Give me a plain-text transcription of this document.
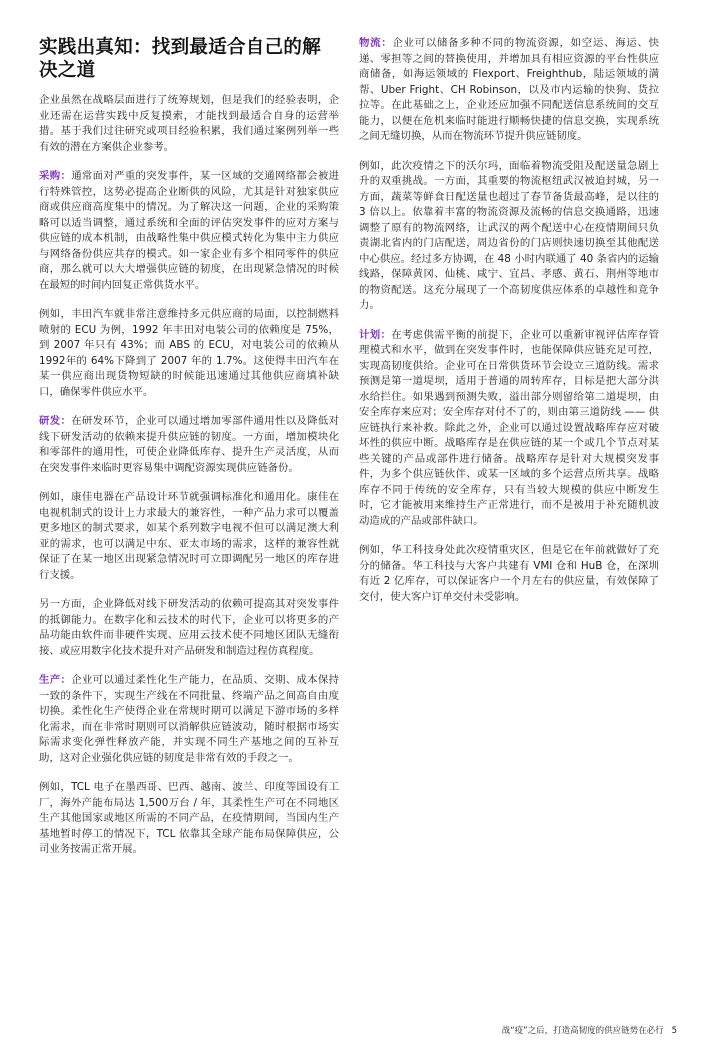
实践出真知：找到最适合自己的解决之道

企业虽然在战略层面进行了统筹规划，但是我们的经验表明，企业还需在运营实践中反复摸索，才能找到最适合自身的运营举措。基于我们过往研究或项目经验积累，我们通过案例列举一些有效的潜在方案供企业参考。

采购：通常面对严重的突发事件，某一区域的交通网络都会被进行特殊管控，这势必提高企业断供的风险，尤其是针对独家供应商或供应商高度集中的情况。为了解决这一问题，企业的采购策略可以适当调整，通过系统和全面的评估突发事件的应对方案与供应链的成本机制，由战略性集中供应模式转化为集中主力供应与网络备份供应共存的模式。如一家企业有多个相同零件的供应商，那么就可以大大增强供应链的韧度，在出现紧急情况的时候在最短的时间内回复正常供货水平。

例如，丰田汽车就非常注意维持多元供应商的局面，以控制燃料喷射的 ECU 为例，1992 年丰田对电装公司的依赖度是 75%，到 2007 年只有 43%；而 ABS 的 ECU，对电装公司的依赖从1992年的 64%下降到了 2007 年的 1.7%。这使得丰田汽车在某一供应商出现货物短缺的时候能迅速通过其他供应商填补缺口，确保零件供应水平。

研发：在研发环节，企业可以通过增加零部件通用性以及降低对线下研发活动的依赖来提升供应链的韧度。一方面，增加模块化和零部件的通用性，可使企业降低库存、提升生产灵活度，从而在突发事件来临时更容易集中调配资源实现供应链备份。

例如，康佳电器在产品设计环节就强调标准化和通用化。康佳在电视机制式的设计上力求最大的兼容性，一种产品力求可以覆盖更多地区的制式要求，如某个系列数字电视不但可以满足澳大利亚的需求，也可以满足中东、亚太市场的需求，这样的兼容性就保证了在某一地区出现紧急情况时可立即调配另一地区的库存进行支援。

另一方面，企业降低对线下研发活动的依赖可提高其对突发事件的抵御能力。在数字化和云技术的时代下，企业可以将更多的产品功能由软件而非硬件实现、应用云技术使不同地区团队无缝衔接、或应用数字化技术提升对产品研发和制造过程仿真程度。

生产：企业可以通过柔性化生产能力，在品质、交期、成本保持一致的条件下，实现生产线在不同批量、终端产品之间高自由度切换。柔性化生产使得企业在常规时期可以满足下游市场的多样化需求，而在非常时期则可以消解供应链波动，随时根据市场实际需求变化弹性释放产能，并实现不同生产基地之间的互补互助，这对企业强化供应链的韧度是非常有效的手段之一。

例如，TCL 电子在墨西哥、巴西、越南、波兰、印度等国设有工厂，海外产能布局达 1,500万台 / 年，其柔性生产可在不同地区生产其他国家或地区所需的不同产品，在疫情期间，当国内生产基地暂时停工的情况下，TCL 依靠其全球产能布局保障供应，公司业务按需正常开展。

物流：企业可以储备多种不同的物流资源，如空运、海运、快递、零担等之间的替换使用，并增加具有相应资源的平台性供应商储备，如海运领域的 Flexport、Freighthub，陆运领域的满帮、Uber Fright、CH Robinson，以及市内运输的快狗、货拉拉等。在此基础之上，企业还应加强不同配送信息系统间的交互能力，以便在危机来临时能进行顺畅快捷的信息交换，实现系统之间无缝切换，从而在物流环节提升供应链韧度。

例如，此次疫情之下的沃尔玛，面临着物流受阻及配送量急剧上升的双重挑战。一方面，其重要的物流枢纽武汉被迫封城，另一方面，蔬菜等鲜食日配送量也超过了春节备货最高峰，是以往的 3 倍以上。依靠着丰富的物流资源及流畅的信息交换通路，迅速调整了原有的物流网络，让武汉的两个配送中心在疫情期间只负责湖北省内的门店配送，周边省份的门店则快速切换至其他配送中心供应。经过多方协调，在 48 小时内联通了 40 条省内的运输线路，保障黄冈、仙桃、咸宁、宜昌、孝感、黄石、荆州等地市的物资配送。这充分展现了一个高韧度供应体系的卓越性和竞争力。

计划：在考虑供需平衡的前提下，企业可以重新审视评估库存管理模式和水平，做到在突发事件时，也能保障供应链充足可控，实现高韧度供给。企业可在日常供货环节会设立三道防线。需求预测是第一道堤坝，适用于普通的周转库存，目标是把大部分洪水给拦住。如果遇到预测失败，溢出部分则留给第二道堤坝，由安全库存来应对；安全库存对付不了的，则由第三道防线 —— 供应链执行来补救。除此之外，企业可以通过设置战略库存应对破坏性的供应中断。战略库存是在供应链的某一个或几个节点对某些关键的产品或部件进行储备。战略库存是针对大规模突发事件，为多个供应链伙伴、或某一区域的多个运营点所共享。战略库存不同于传统的安全库存，只有当较大规模的供应中断发生时，它才能被用来维持生产正常进行，而不是被用于补充随机波动造成的产品或部件缺口。

例如，华工科技身处此次疫情重灾区，但是它在年前就做好了充分的储备。华工科技与大客户共建有 VMI 仓和 HuB 仓，在深圳有近 2 亿库存，可以保证客户一个月左右的供应量，有效保障了交付，使大客户订单交付未受影响。

战“疫”之后，打造高韧度的供应链势在必行 5
